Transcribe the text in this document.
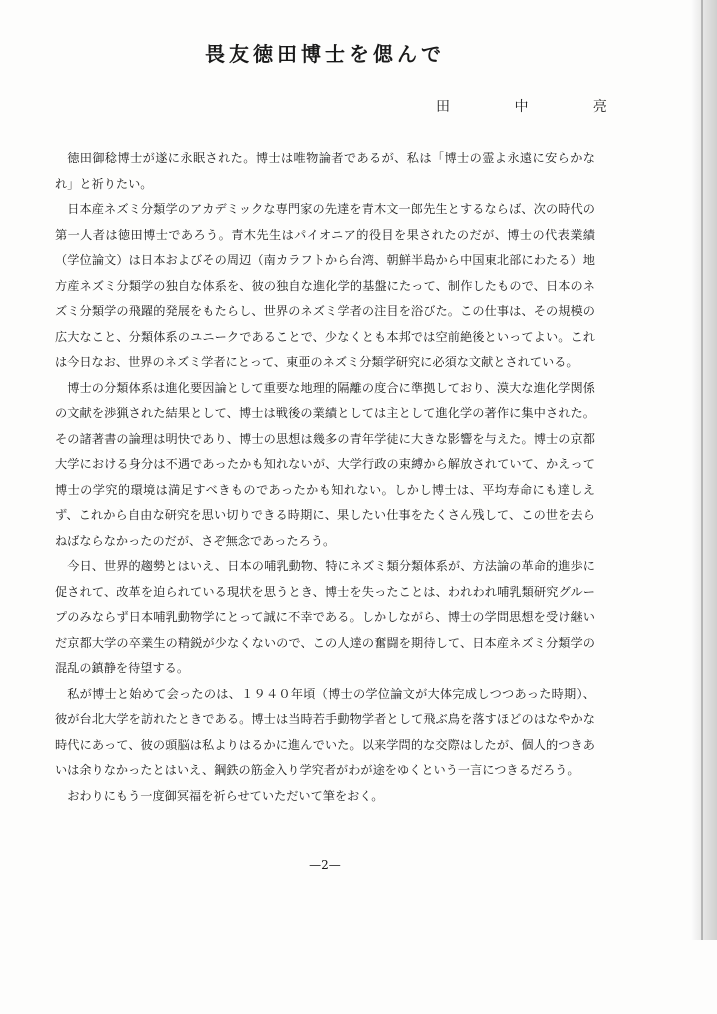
畏友徳田博士を偲んで
田 中 亮

徳田御稔博士が遂に永眠された。博士は唯物論者であるが、私は「博士の霊よ永遠に安らかなれ」と祈りたい。

日本産ネズミ分類学のアカデミックな専門家の先達を青木文一郎先生とするならば、次の時代の第一人者は徳田博士であろう。青木先生はパイオニア的役目を果されたのだが、博士の代表業績（学位論文）は日本およびその周辺（南カラフトから台湾、朝鮮半島から中国東北部にわたる）地方産ネズミ分類学の独自な体系を、彼の独自な進化学的基盤にたって、制作したもので、日本のネズミ分類学の飛躍的発展をもたらし、世界のネズミ学者の注目を浴びた。この仕事は、その規模の広大なこと、分類体系のユニークであることで、少なくとも本邦では空前絶後といってよい。これは今日なお、世界のネズミ学者にとって、東亜のネズミ分類学研究に必須な文献とされている。

博士の分類体系は進化要因論として重要な地理的隔離の度合に準拠しており、漠大な進化学関係の文献を渉猟された結果として、博士は戦後の業績としては主として進化学の著作に集中された。その諸著書の論理は明快であり、博士の思想は幾多の青年学徒に大きな影響を与えた。博士の京都大学における身分は不遇であったかも知れないが、大学行政の束縛から解放されていて、かえって博士の学究的環境は満足すべきものであったかも知れない。しかし博士は、平均寿命にも達しえず、これから自由な研究を思い切りできる時期に、果したい仕事をたくさん残して、この世を去らねばならなかったのだが、さぞ無念であったろう。

今日、世界的趨勢とはいえ、日本の哺乳動物、特にネズミ類分類体系が、方法論の革命的進歩に促されて、改革を迫られている現状を思うとき、博士を失ったことは、われわれ哺乳類研究グループのみならず日本哺乳動物学にとって誠に不幸である。しかしながら、博士の学問思想を受け継いだ京都大学の卒業生の精鋭が少なくないので、この人達の奮闘を期待して、日本産ネズミ分類学の混乱の鎮静を待望する。

私が博士と始めて会ったのは、１９４０年頃（博士の学位論文が大体完成しつつあった時期）、彼が台北大学を訪れたときである。博士は当時若手動物学者として飛ぶ鳥を落すほどのはなやかな時代にあって、彼の頭脳は私よりはるかに進んでいた。以来学問的な交際はしたが、個人的つきあいは余りなかったとはいえ、鋼鉄の筋金入り学究者がわが途をゆくという一言につきるだろう。

おわりにもう一度御冥福を祈らせていただいて筆をおく。

—2—
